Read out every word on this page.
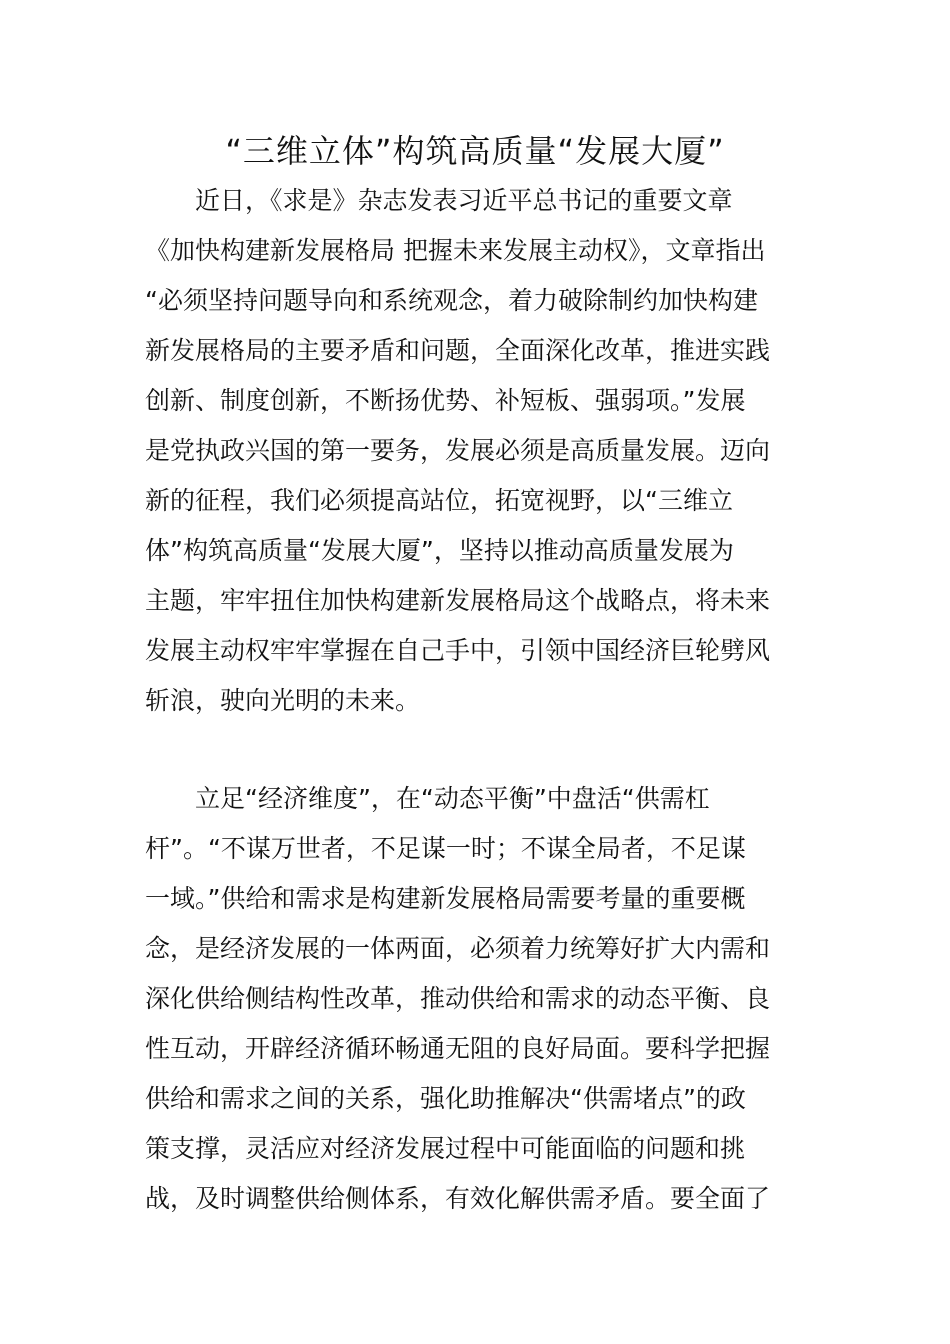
“三维立体”构筑高质量“发展大厦”
近日，《求是》杂志发表习近平总书记的重要文章
《加快构建新发展格局 把握未来发展主动权》，文章指出
“必须坚持问题导向和系统观念，着力破除制约加快构建
新发展格局的主要矛盾和问题，全面深化改革，推进实践
创新、制度创新，不断扬优势、补短板、强弱项。”发展
是党执政兴国的第一要务，发展必须是高质量发展。迈向
新的征程，我们必须提高站位，拓宽视野，以“三维立
体”构筑高质量“发展大厦”，坚持以推动高质量发展为
主题，牢牢扭住加快构建新发展格局这个战略点，将未来
发展主动权牢牢掌握在自己手中，引领中国经济巨轮劈风
斩浪，驶向光明的未来。
立足“经济维度”，在“动态平衡”中盘活“供需杠
杆”。“不谋万世者，不足谋一时；不谋全局者，不足谋
一域。”供给和需求是构建新发展格局需要考量的重要概
念，是经济发展的一体两面，必须着力统筹好扩大内需和
深化供给侧结构性改革，推动供给和需求的动态平衡、良
性互动，开辟经济循环畅通无阻的良好局面。要科学把握
供给和需求之间的关系，强化助推解决“供需堵点”的政
策支撑，灵活应对经济发展过程中可能面临的问题和挑
战，及时调整供给侧体系，有效化解供需矛盾。要全面了
